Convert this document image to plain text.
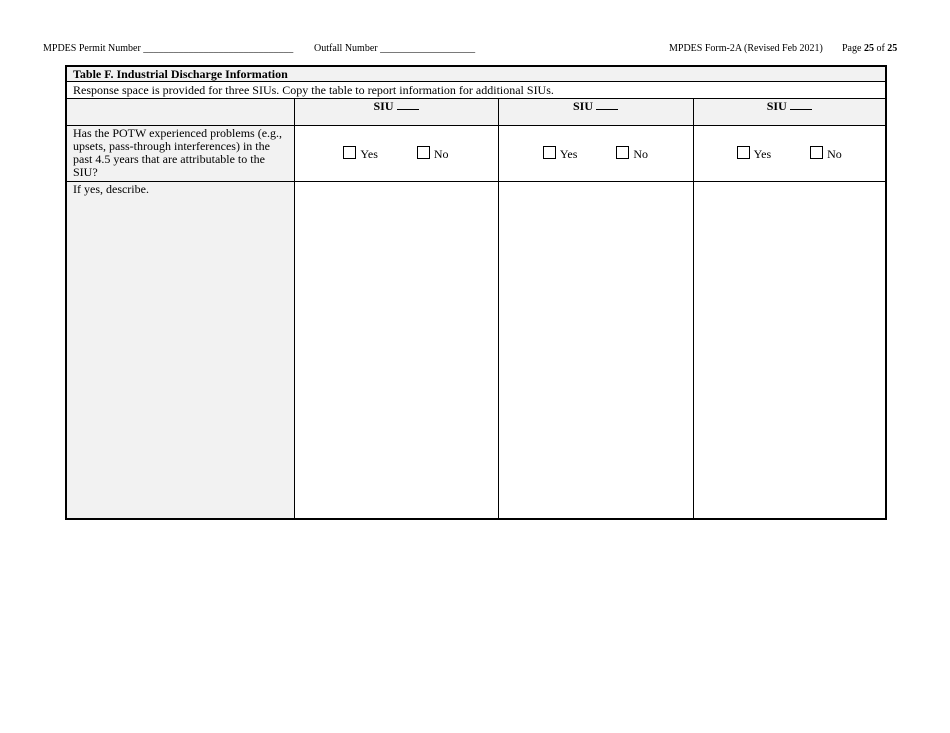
MPDES Permit Number ______________________________ Outfall Number ___________________	MPDES Form-2A (Revised Feb 2021) Page 25 of 25
Table F. Industrial Discharge Information			
Response space is provided for three SIUs. Copy the table to report information for additional SIUs.			
	SIU	SIU	SIU
Has the POTW experienced problems (e.g., upsets, pass-through interferences) in the past 4.5 years that are attributable to the SIU?	Yes No	Yes No	Yes No
If yes, describe.			
